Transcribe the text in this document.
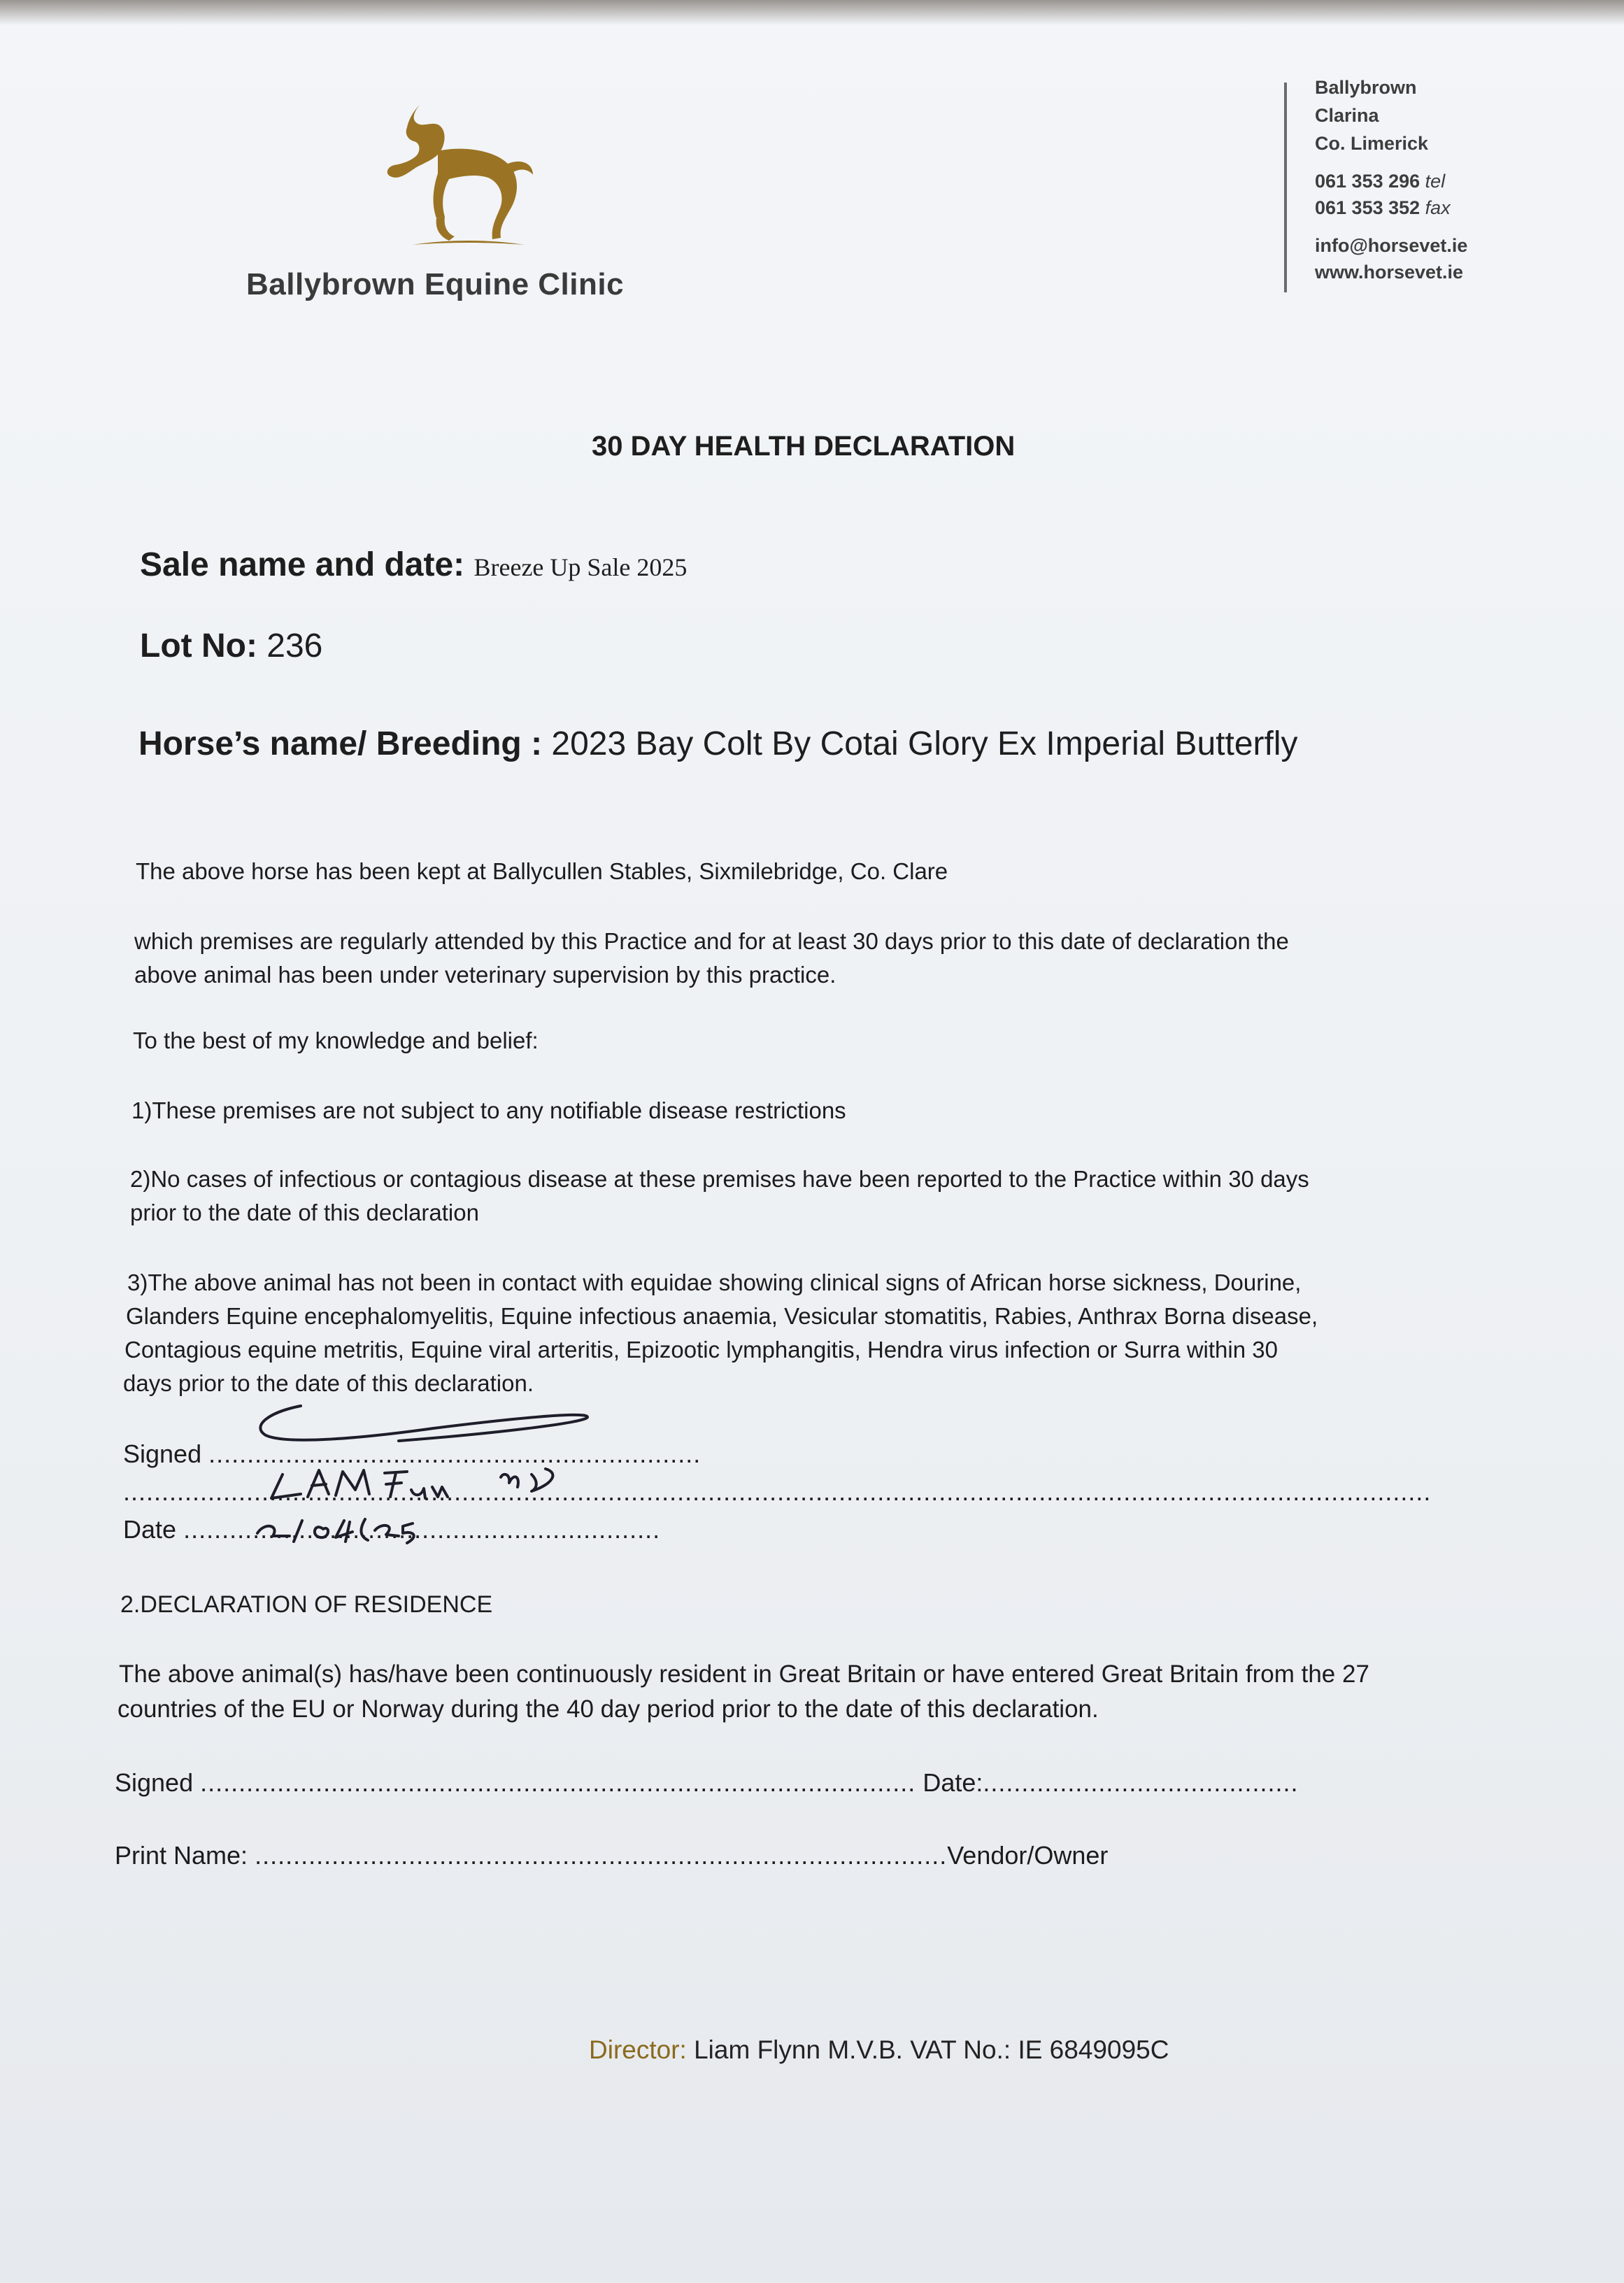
Ballybrown Equine Clinic
Ballybrown
Clarina
Co. Limerick
061 353 296 tel
061 353 352 fax
info@horsevet.ie
www.horsevet.ie
30 DAY HEALTH DECLARATION
Sale name and date: Breeze Up Sale 2025
Lot No: 236
Horse’s name/ Breeding : 2023 Bay Colt By Cotai Glory Ex Imperial Butterfly
The above horse has been kept at Ballycullen Stables, Sixmilebridge, Co. Clare
which premises are regularly attended by this Practice and for at least 30 days prior to this date of declaration the
above animal has been under veterinary supervision by this practice.
To the best of my knowledge and belief:
1)These premises are not subject to any notifiable disease restrictions
2)No cases of infectious or contagious disease at these premises have been reported to the Practice within 30 days
prior to the date of this declaration
3)The above animal has not been in contact with equidae showing clinical signs of African horse sickness, Dourine,
Glanders Equine encephalomyelitis, Equine infectious anaemia, Vesicular stomatitis, Rabies, Anthrax Borna disease,
Contagious equine metritis, Equine viral arteritis, Epizootic lymphangitis, Hendra virus infection or Surra within 30
days prior to the date of this declaration.
Signed ................................................................
..........................................................................................................................................................................
Date ..............................................................
2.DECLARATION OF RESIDENCE
The above animal(s) has/have been continuously resident in Great Britain or have entered Great Britain from the 27
countries of the EU or Norway during the 40 day period prior to the date of this declaration.
Signed ............................................................................................. Date:.........................................
Print Name: ..........................................................................................Vendor/Owner
Director: Liam Flynn M.V.B. VAT No.: IE 6849095C
